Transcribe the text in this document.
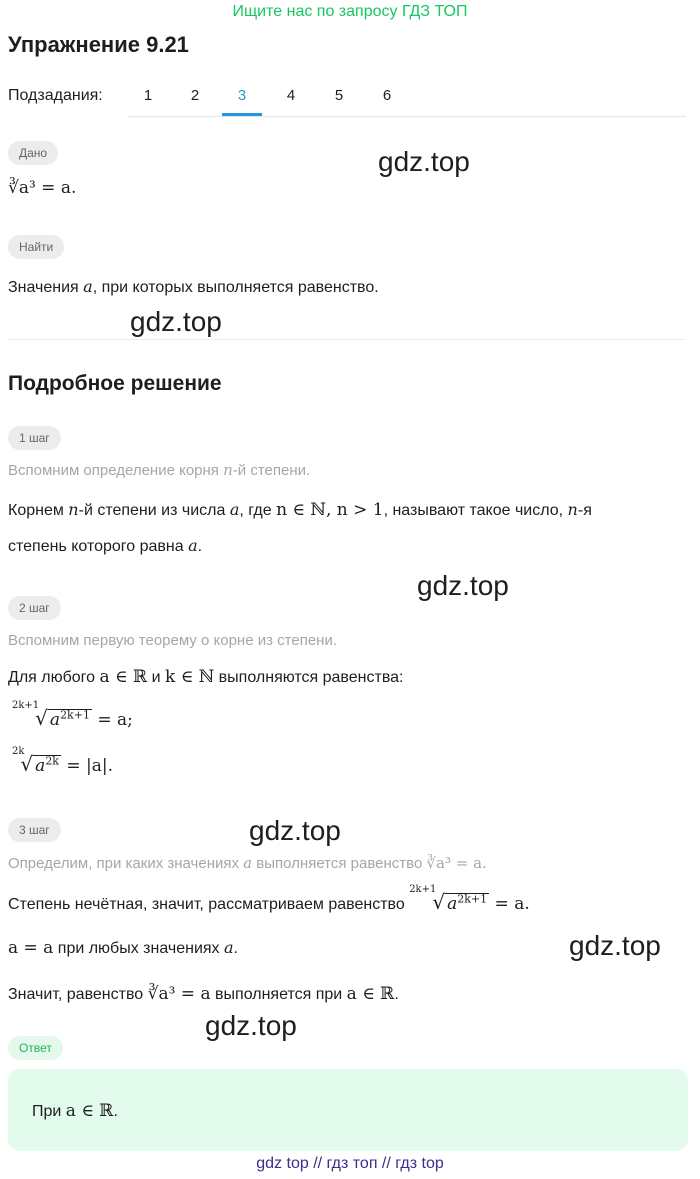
Ищите нас по запросу ГДЗ ТОП
Упражнение 9.21
Подзадания:	1	2	3	4	5	6
Дано
∛a³ = a.
Найти
Значения a, при которых выполняется равенство.
Подробное решение
1 шаг
Вспомним определение корня n-й степени.
Корнем n-й степени из числа a, где n ∈ ℕ, n > 1, называют такое число, n-я
степень которого равна a.
2 шаг
Вспомним первую теорему о корне из степени.
Для любого a ∈ ℝ и k ∈ ℕ выполняются равенства:
$^{2k+1}$√ $a^{2k+1} = a$;
$^{2k}$√ $a^{2k} = |a|$.
3 шаг
Определим, при каких значениях a выполняется равенство ∛a³ = a.
Степень нечётная, значит, рассматриваем равенство $^{2k+1}$√ $a^{2k+1} = a$.
a = a при любых значениях a.
Значит, равенство ∛a³ = a выполняется при a ∈ ℝ.
Ответ
При a ∈ ℝ.
gdz.top
gdz.top
gdz.top
gdz.top
gdz.top
gdz.top
gdz top // гдз топ // гдз top
